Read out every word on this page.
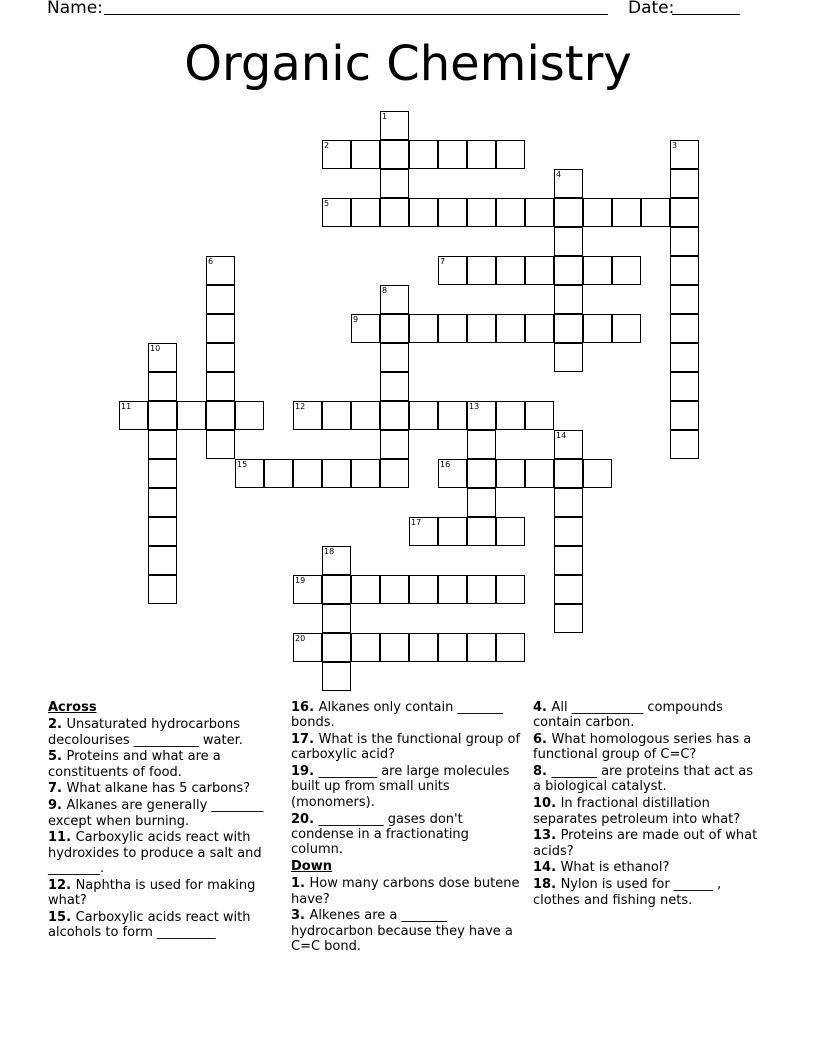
Name:	Date:
Organic Chemistry
1
2	3
4
5
6	7
8
9
10
11	12	13
14
15	16
17
18
19
20
Across
2. Unsaturated hydrocarbons decolourises __________ water.
5. Proteins and what are a constituents of food.
7. What alkane has 5 carbons?
9. Alkanes are generally ________ except when burning.
11. Carboxylic acids react with hydroxides to produce a salt and ________.
12. Naphtha is used for making what?
15. Carboxylic acids react with alcohols to form _________
16. Alkanes only contain _______ bonds.
17. What is the functional group of carboxylic acid?
19. _________ are large molecules built up from small units (monomers).
20. __________ gases don't condense in a fractionating column.
Down
1. How many carbons dose butene have?
3. Alkenes are a _______ hydrocarbon because they have a C=C bond.
4. All ___________ compounds contain carbon.
6. What homologous series has a functional group of C=C?
8. _______ are proteins that act as a biological catalyst.
10. In fractional distillation separates petroleum into what?
13. Proteins are made out of what acids?
14. What is ethanol?
18. Nylon is used for ______ , clothes and fishing nets.
